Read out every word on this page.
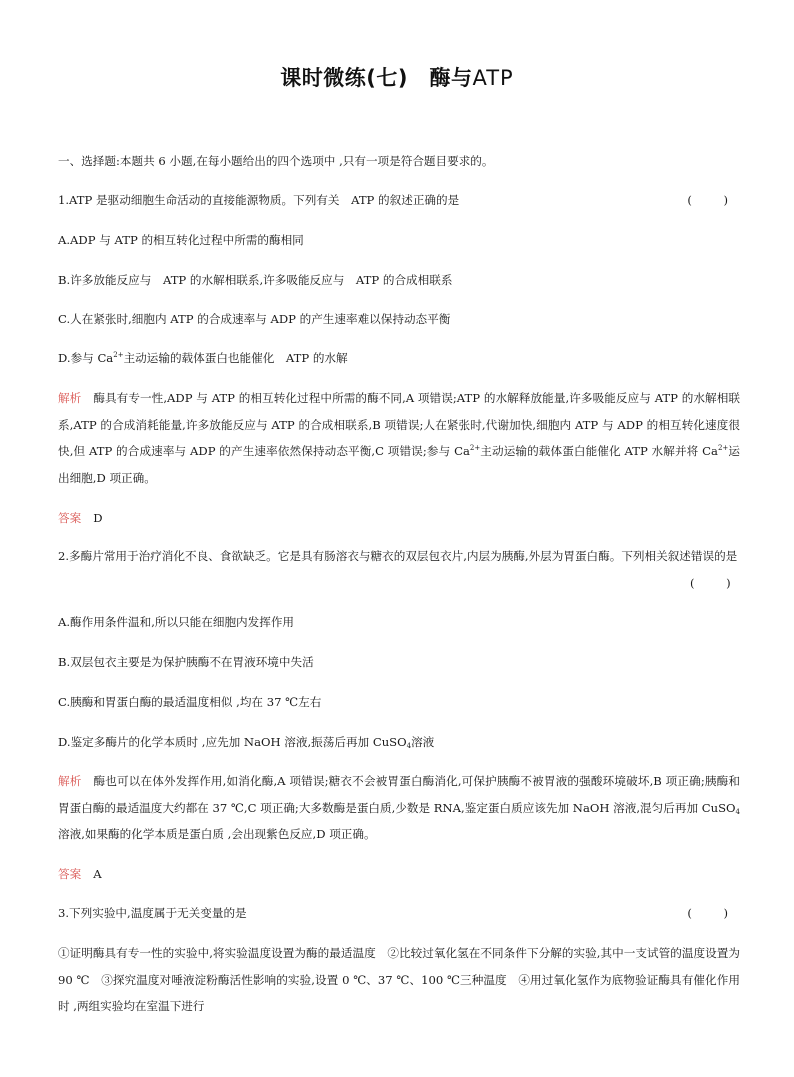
课时微练(七)　酶与ATP
一、选择题:本题共 6 小题,在每小题给出的四个选项中 ,只有一项是符合题目要求的。
1.ATP 是驱动细胞生命活动的直接能源物质。下列有关　ATP 的叙述正确的是	(　)
A.ADP 与 ATP 的相互转化过程中所需的酶相同
B.许多放能反应与　ATP 的水解相联系,许多吸能反应与　ATP 的合成相联系
C.人在紧张时,细胞内 ATP 的合成速率与 ADP 的产生速率难以保持动态平衡
D.参与 $Ca^{2+}$主动运输的载体蛋白也能催化　ATP 的水解
解析 酶具有专一性,ADP 与 ATP 的相互转化过程中所需的酶不同,A 项错误;ATP 的水解释放能量,许多吸能反应与 ATP 的水解相联系,ATP 的合成消耗能量,许多放能反应与 ATP 的合成相联系,B 项错误;人在紧张时,代谢加快,细胞内 ATP 与 ADP 的相互转化速度很快,但 ATP 的合成速率与 ADP 的产生速率依然保持动态平衡,C 项错误;参与 $Ca^{2+}$主动运输的载体蛋白能催化 ATP 水解并将 $Ca^{2+}$运出细胞,D 项正确。
答案 D
2.多酶片常用于治疗消化不良、食欲缺乏。它是具有肠溶衣与糖衣的双层包衣片,内层为胰酶,外层为胃蛋白酶。下列相关叙述错误的是
(　)
A.酶作用条件温和,所以只能在细胞内发挥作用
B.双层包衣主要是为保护胰酶不在胃液环境中失活
C.胰酶和胃蛋白酶的最适温度相似 ,均在 37 ℃左右
D.鉴定多酶片的化学本质时 ,应先加 NaOH 溶液,振荡后再加 CuSO$_4$溶液
解析 酶也可以在体外发挥作用,如消化酶,A 项错误;糖衣不会被胃蛋白酶消化,可保护胰酶不被胃液的强酸环境破坏,B 项正确;胰酶和胃蛋白酶的最适温度大约都在 37 ℃,C 项正确;大多数酶是蛋白质,少数是 RNA,鉴定蛋白质应该先加 NaOH 溶液,混匀后再加 CuSO$_4$溶液,如果酶的化学本质是蛋白质 ,会出现紫色反应,D 项正确。
答案 A
3.下列实验中,温度属于无关变量的是	(　)
①证明酶具有专一性的实验中,将实验温度设置为酶的最适温度　②比较过氧化氢在不同条件下分解的实验,其中一支试管的温度设置为 90 ℃　③探究温度对唾液淀粉酶活性影响的实验,设置 0 ℃、37 ℃、100 ℃三种温度　④用过氧化氢作为底物验证酶具有催化作用时 ,两组实验均在室温下进行
